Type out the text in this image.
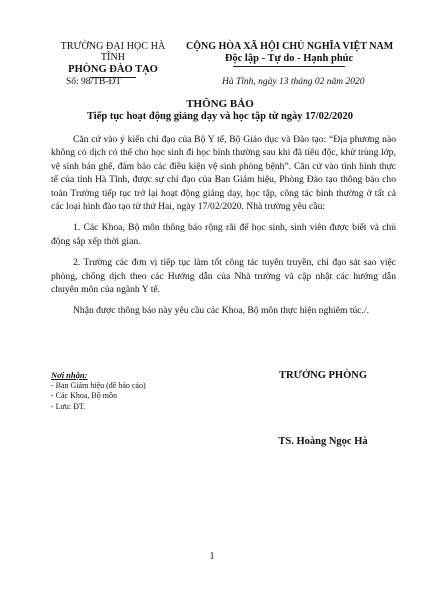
TRƯỜNG ĐẠI HỌC HÀ TĨNH
PHÒNG ĐÀO TẠO
CỘNG HÒA XÃ HỘI CHỦ NGHĨA VIỆT NAM
Độc lập - Tự do - Hạnh phúc
Số: 98/TB-ĐT	Hà Tĩnh, ngày 13 tháng 02 năm 2020
THÔNG BÁO
Tiếp tục hoạt động giảng dạy và học tập từ ngày 17/02/2020

Căn cứ vào ý kiến chỉ đạo của Bộ Y tế, Bộ Giáo dục và Đào tạo: “Địa phương nào không có dịch có thể cho học sinh đi học bình thường sau khi đã tiêu độc, khử trùng lớp, vệ sinh bán ghế, đảm bảo các điều kiện vệ sinh phòng bệnh”. Căn cứ vào tình hình thực tế của tỉnh Hà Tĩnh, được sự chỉ đạo của Ban Giám hiệu, Phòng Đào tạo thông báo cho toàn Trường tiếp tục trở lại hoạt động giảng dạy, học tập, công tác bình thường ở tất cả các loại hình đào tạo từ thứ Hai, ngày 17/02/2020. Nhà trường yêu cầu:

1. Các Khoa, Bộ môn thông báo rộng rãi để học sinh, sinh viên được biết và chủ động sắp xếp thời gian.

2. Trường các đơn vị tiếp tục làm tốt công tác tuyên truyền, chỉ đạo sát sao việc phòng, chống dịch theo các Hướng dẫn của Nhà trường và cập nhật các hướng dẫn chuyên môn của ngành Y tế.

Nhận được thông báo này yêu cầu các Khoa, Bộ môn thực hiện nghiêm túc./.

Nơi nhận:
- Ban Giám hiệu (để báo cáo)
- Các Khoa, Bộ môn
- Lưu: ĐT.
TRƯỞNG PHÒNG
TS. Hoàng Ngọc Hà
1
